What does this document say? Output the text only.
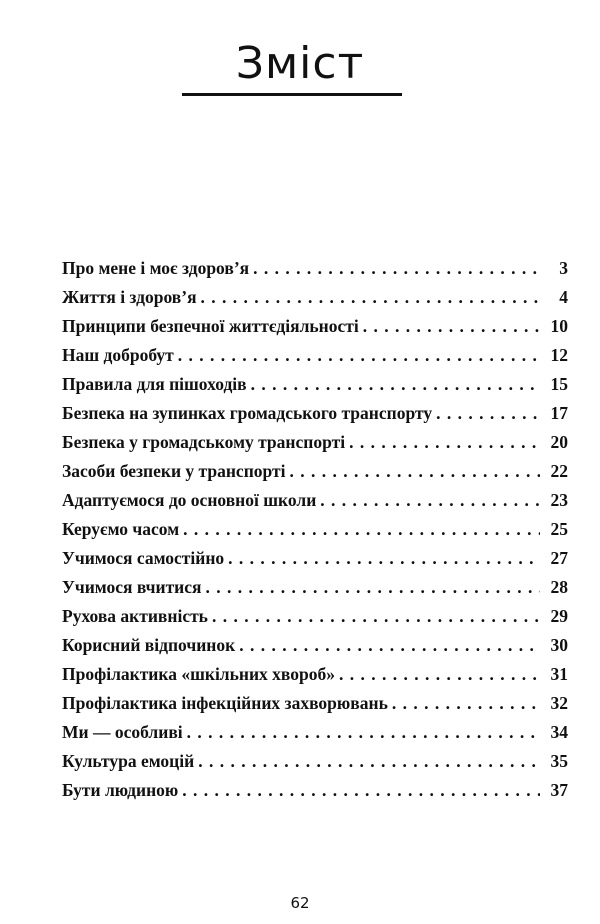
Зміст
Про мене і моє здоров’я . . .	3
Життя і здоров’я . . .	4
Принципи безпечної життєдіяльності . . .	10
Наш добробут . . .	12
Правила для пішоходів . . .	15
Безпека на зупинках громадського транспорту . . .	17
Безпека у громадському транспорті . . .	20
Засоби безпеки у транспорті . . .	22
Адаптуємося до основної школи . . .	23
Керуємо часом . . .	25
Учимося самостійно . . .	27
Учимося вчитися . . .	28
Рухова активність . . .	29
Корисний відпочинок . . .	30
Профілактика «шкільних хвороб» . . .	31
Профілактика інфекційних захворювань . . .	32
Ми — особливі . . .	34
Культура емоцій . . .	35
Бути людиною . . .	37
62
